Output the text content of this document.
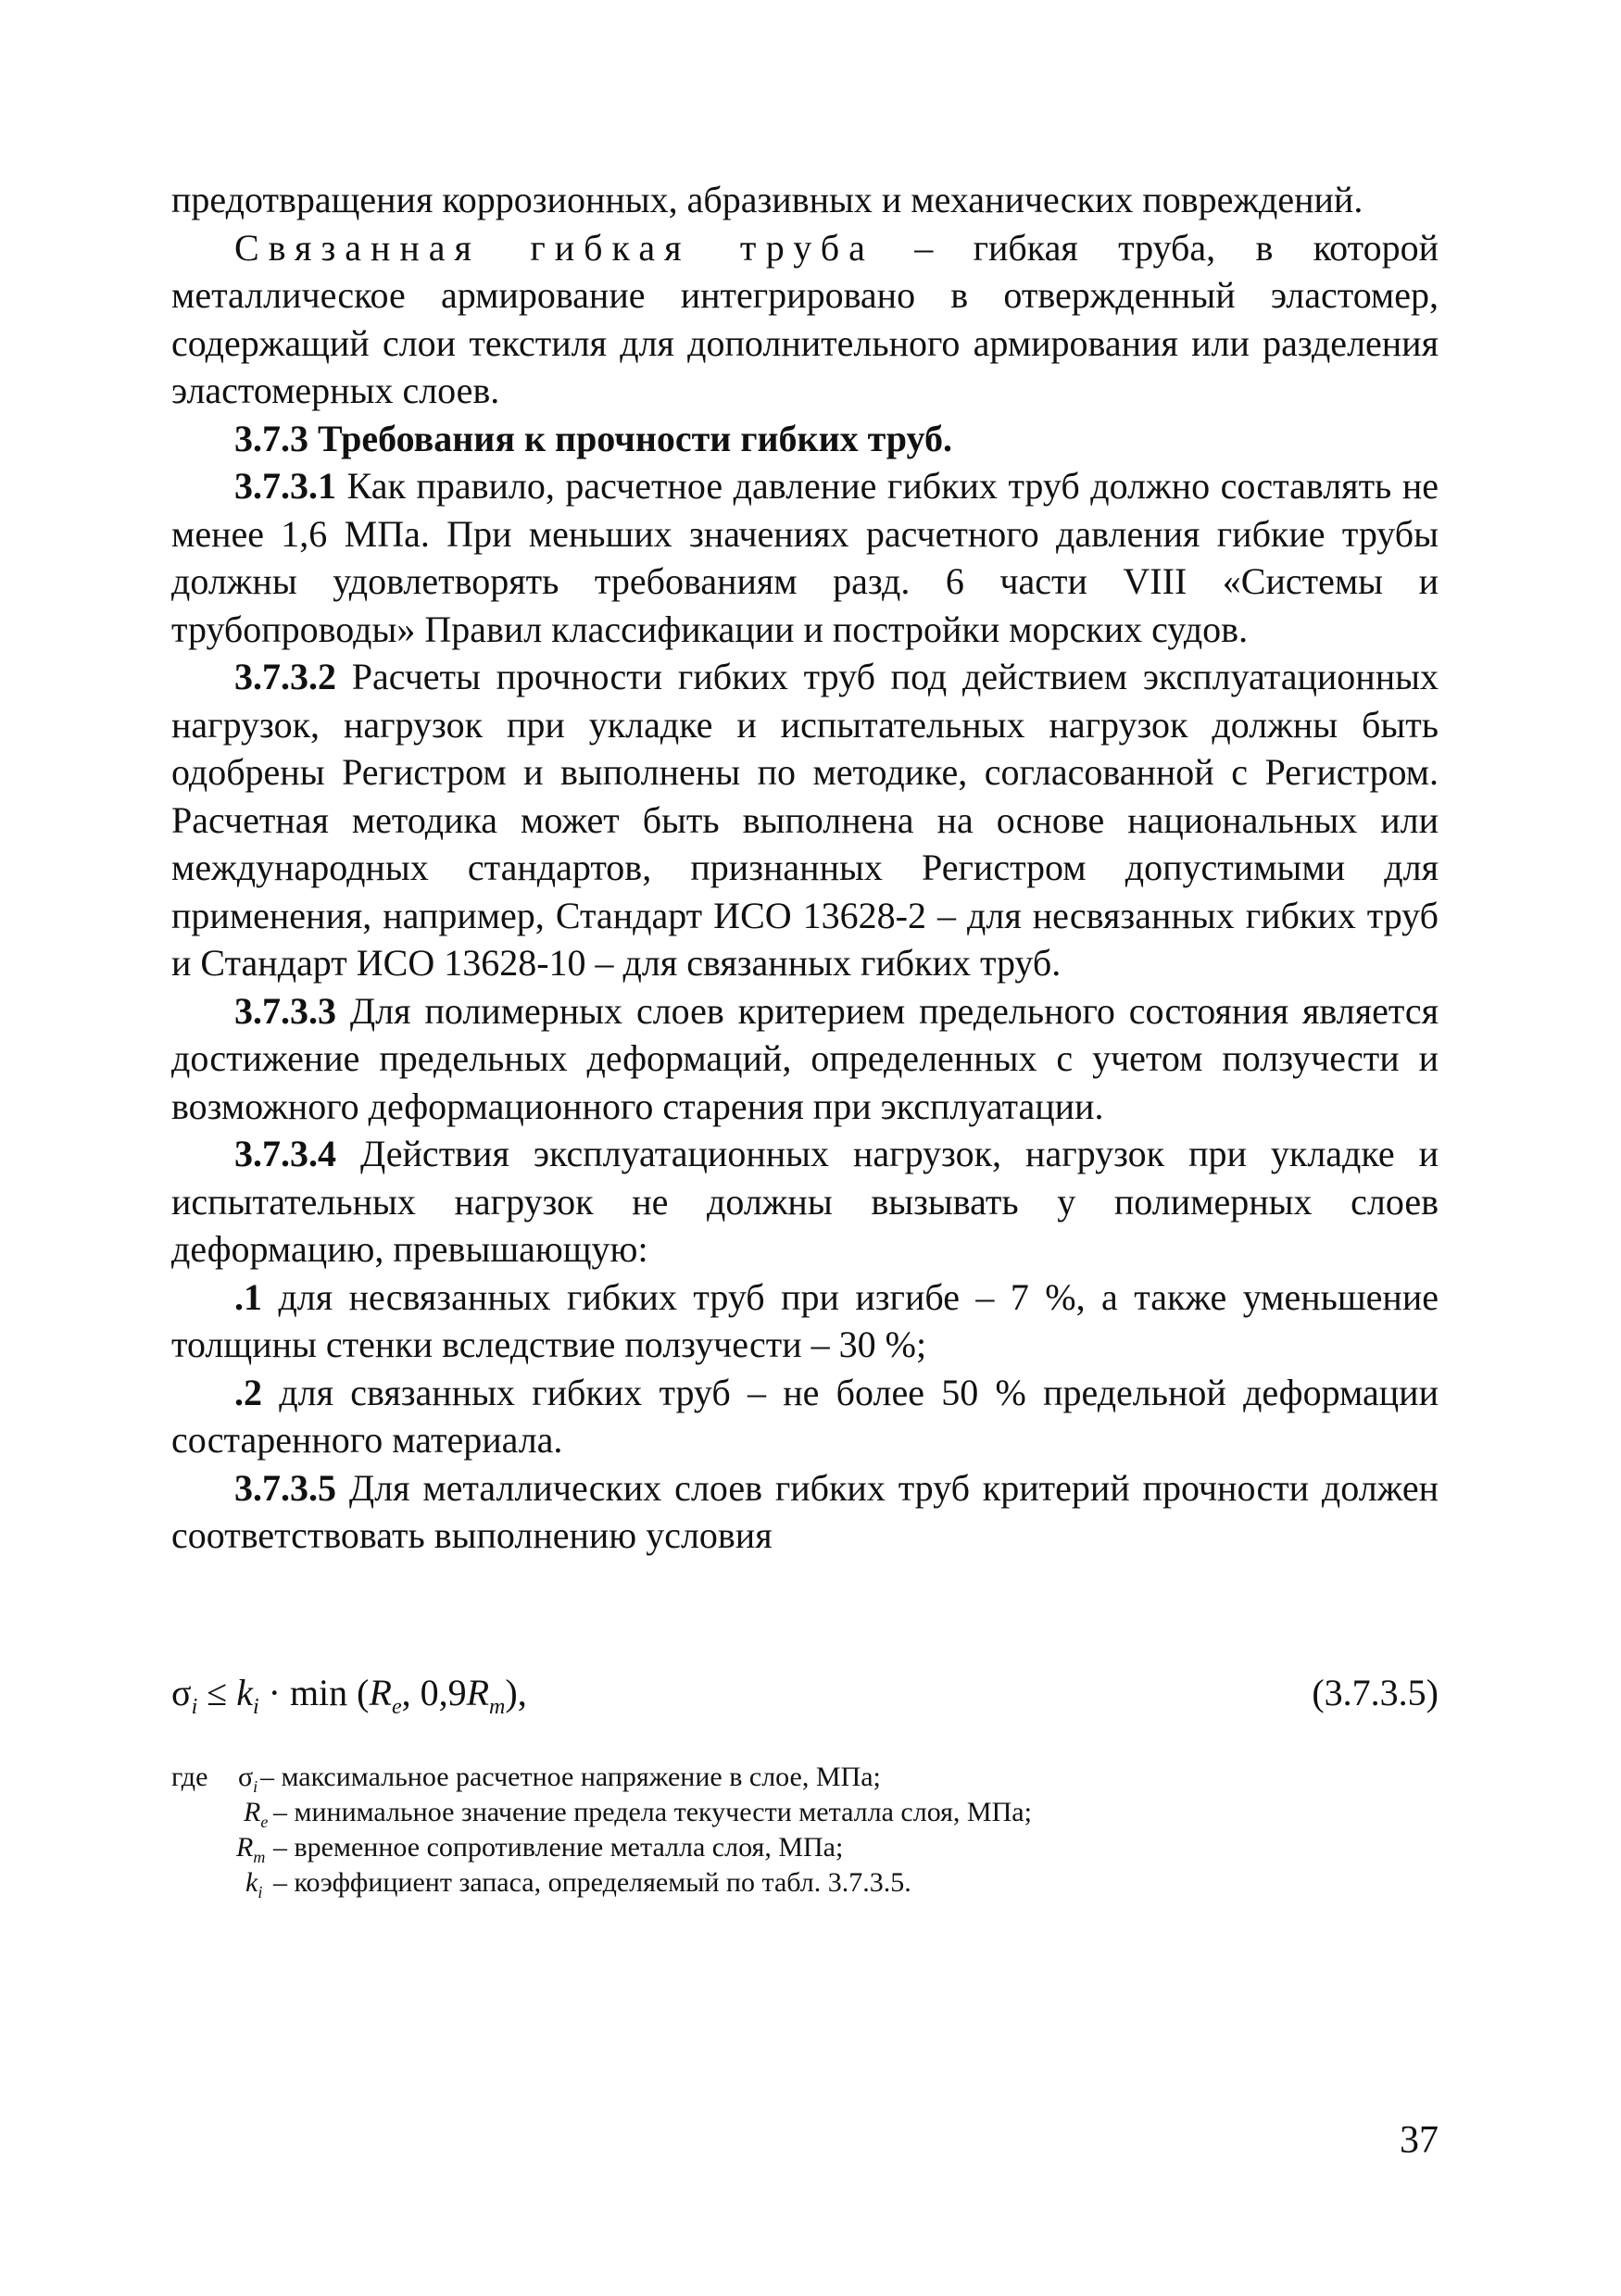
предотвращения коррозионных, абразивных и механических повреждений.

Связанная гибкая труба – гибкая труба, в которой металлическое армирование интегрировано в отвержденный эластомер, содержащий слои текстиля для дополнительного армирования или разделения эластомерных слоев.

3.7.3 Требования к прочности гибких труб.

3.7.3.1 Как правило, расчетное давление гибких труб должно составлять не менее 1,6 МПа. При меньших значениях расчетного давления гибкие трубы должны удовлетворять требованиям разд. 6 части VIII «Системы и трубопроводы» Правил классификации и постройки морских судов.

3.7.3.2 Расчеты прочности гибких труб под действием эксплуатационных нагрузок, нагрузок при укладке и испытательных нагрузок должны быть одобрены Регистром и выполнены по методике, согласованной с Регистром. Расчетная методика может быть выполнена на основе национальных или международных стандартов, признанных Регистром допустимыми для применения, например, Стандарт ИСО 13628-2 – для несвязанных гибких труб и Стандарт ИСО 13628-10 – для связанных гибких труб.

3.7.3.3 Для полимерных слоев критерием предельного состояния является достижение предельных деформаций, определенных с учетом ползучести и возможного деформационного старения при эксплуатации.

3.7.3.4 Действия эксплуатационных нагрузок, нагрузок при укладке и испытательных нагрузок не должны вызывать у полимерных слоев деформацию, превышающую:

.1 для несвязанных гибких труб при изгибе – 7 %, а также уменьшение толщины стенки вследствие ползучести – 30 %;

.2 для связанных гибких труб – не более 50 % предельной деформации состаренного материала.

3.7.3.5 Для металлических слоев гибких труб критерий прочности должен соответствовать выполнению условия

$\sigma_i \le k_i \cdot \min (R_e$, $0,9R_m$),	(3.7.3.5)
где $\sigma_i$ – максимальное расчетное напряжение в слое, МПа;
$R_e$ – минимальное значение предела текучести металла слоя, МПа;
$R_m$ – временное сопротивление металла слоя, МПа;
$k_i$ – коэффициент запаса, определяемый по табл. 3.7.3.5.
37
